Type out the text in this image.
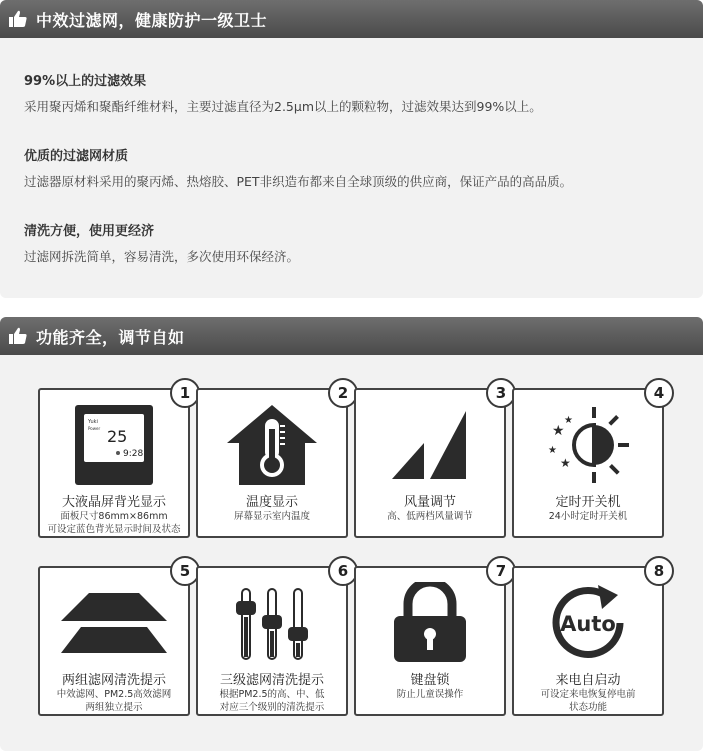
中效过滤网，健康防护一级卫士
99%以上的过滤效果

采用聚丙烯和聚酯纤维材料，主要过滤直径为2.5μm以上的颗粒物，过滤效果达到99%以上。

优质的过滤网材质

过滤器原材料采用的聚丙烯、热熔胶、PET非织造布都来自全球顶级的供应商，保证产品的高品质。

清洗方便，使用更经济

过滤网拆洗简单，容易清洗，多次使用环保经济。

功能齐全，调节自如
1
Yuki
Power 25
9:28
大液晶屏背光显示
面板尺寸86mm×86mm
可设定蓝色背光显示时间及状态
2
温度显示
屏幕显示室内温度
3
风量调节
高、低两档风量调节
4
★
★
★
★
定时开关机
24小时定时开关机
5
两组滤网清洗提示
中效滤网、PM2.5高效滤网
两组独立提示
6
三级滤网清洗提示
根据PM2.5的高、中、低
对应三个级别的清洗提示
7
键盘锁
防止儿童误操作
8
Auto
来电自启动
可设定来电恢复停电前
状态功能
